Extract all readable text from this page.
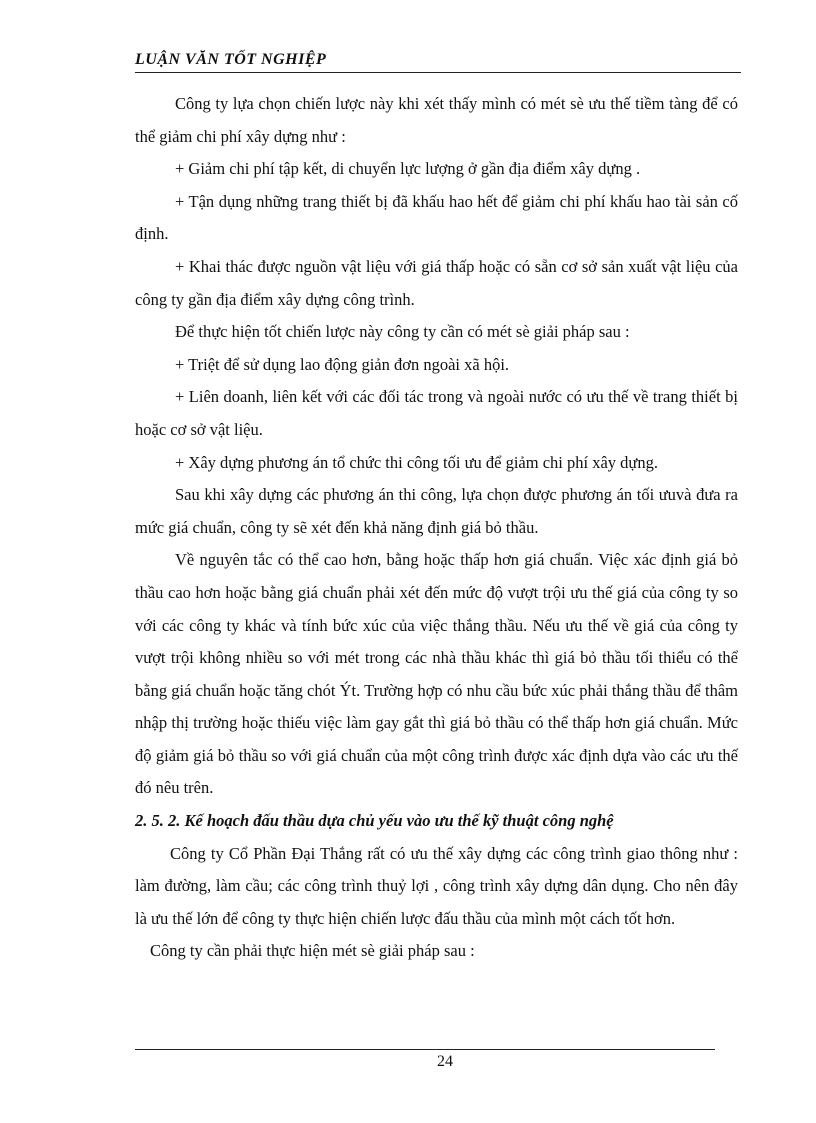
LUẬN VĂN TỐT NGHIỆP

Công ty lựa chọn chiến lược này khi xét thấy mình có mét sè ưu thế tiềm tàng để có thể giảm chi phí xây dựng như :

+ Giảm chi phí tập kết, di chuyển lực lượng ở gần địa điểm xây dựng .

+ Tận dụng những trang thiết bị đã khấu hao hết để giảm chi phí khấu hao tài sản cố định.

+ Khai thác được nguồn vật liệu với giá thấp hoặc có sẵn cơ sở sản xuất vật liệu của công ty gần địa điểm xây dựng công trình.

Để thực hiện tốt chiến lược này công ty cần có mét sè giải pháp sau :

+ Triệt để sử dụng lao động giản đơn ngoài xã hội.

+ Liên doanh, liên kết với các đối tác trong và ngoài nước có ưu thế về trang thiết bị hoặc cơ sở vật liệu.

+ Xây dựng phương án tổ chức thi công tối ưu để giảm chi phí xây dựng.

Sau khi xây dựng các phương án thi công, lựa chọn được phương án tối ưuvà đưa ra mức giá chuẩn, công ty sẽ xét đến khả năng định giá bỏ thầu.

Về nguyên tắc có thể cao hơn, bằng hoặc thấp hơn giá chuẩn. Việc xác định giá bỏ thầu cao hơn hoặc bằng giá chuẩn phải xét đến mức độ vượt trội ưu thế giá của công ty so với các công ty khác và tính bức xúc của việc thắng thầu. Nếu ưu thế về giá của công ty vượt trội không nhiều so với mét trong các nhà thầu khác thì giá bỏ thầu tối thiểu có thể bằng giá chuẩn hoặc tăng chót Ýt. Trường hợp có nhu cầu bức xúc phải thắng thầu để thâm nhập thị trường hoặc thiếu việc làm gay gắt thì giá bỏ thầu có thể thấp hơn giá chuẩn. Mức độ giảm giá bỏ thầu so với giá chuẩn của một công trình được xác định dựa vào các ưu thế đó nêu trên.

2. 5. 2. Kế hoạch đấu thầu dựa chủ yếu vào ưu thế kỹ thuật công nghệ

Công ty Cổ Phần Đại Thắng rất có ưu thế xây dựng các công trình giao thông như : làm đường, làm cầu; các công trình thuỷ lợi , công trình xây dựng dân dụng. Cho nên đây là ưu thế lớn để công ty thực hiện chiến lược đấu thầu của mình một cách tốt hơn.

Công ty cần phải thực hiện mét sè giải pháp sau :

24
